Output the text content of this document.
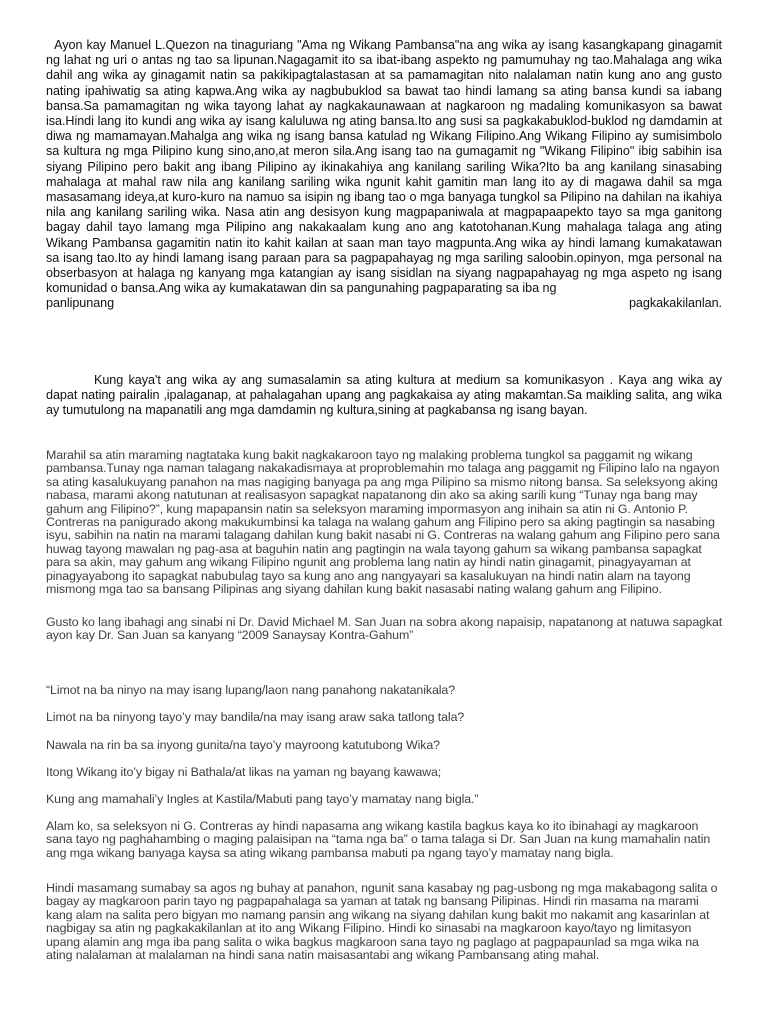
Ayon kay Manuel L.Quezon na tinaguriang "Ama ng Wikang Pambansa"na ang wika ay isang kasangkapang ginagamit ng lahat ng uri o antas ng tao sa lipunan.Nagagamit ito sa ibat-ibang aspekto ng pamumuhay ng tao.Mahalaga ang wika dahil ang wika ay ginagamit natin sa pakikipagtalastasan at sa pamamagitan nito nalalaman natin kung ano ang gusto nating ipahiwatig sa ating kapwa.Ang wika ay nagbubuklod sa bawat tao hindi lamang sa ating bansa kundi sa iabang bansa.Sa pamamagitan ng wika tayong lahat ay nagkakaunawaan at nagkaroon ng madaling komunikasyon sa bawat isa.Hindi lang ito kundi ang wika ay isang kaluluwa ng ating bansa.Ito ang susi sa pagkakabuklod-buklod ng damdamin at diwa ng mamamayan.Mahalga ang wika ng isang bansa katulad ng Wikang Filipino.Ang Wikang Filipino ay sumisimbolo sa kultura ng mga Pilipino kung sino,ano,at meron sila.Ang isang tao na gumagamit ng "Wikang Filipino" ibig sabihin isa siyang Pilipino pero bakit ang ibang Pilipino ay ikinakahiya ang kanilang sariling Wika?Ito ba ang kanilang sinasabing mahalaga at mahal raw nila ang kanilang sariling wika ngunit kahit gamitin man lang ito ay di magawa dahil sa mga masasamang ideya,at kuro-kuro na namuo sa isipin ng ibang tao o mga banyaga tungkol sa Pilipino na dahilan na ikahiya nila ang kanilang sariling wika. Nasa atin ang desisyon kung magpapaniwala at magpapaapekto tayo sa mga ganitong bagay dahil tayo lamang mga Pilipino ang nakakaalam kung ano ang katotohanan.Kung mahalaga talaga ang ating Wikang Pambansa gagamitin natin ito kahit kailan at saan man tayo magpunta.Ang wika ay hindi lamang kumakatawan sa isang tao.Ito ay hindi lamang isang paraan para sa pagpapahayag ng mga sariling saloobin.opinyon, mga personal na obserbasyon at halaga ng kanyang mga katangian ay isang sisidlan na siyang nagpapahayag ng mga aspeto ng isang komunidad o bansa.Ang wika ay kumakatawan din sa pangunahing pagpaparating sa iba ng
panlipunang	pagkakakilanlan.

Kung kaya't ang wika ay ang sumasalamin sa ating kultura at medium sa komunikasyon . Kaya ang wika ay dapat nating pairalin ,ipalaganap, at pahalagahan upang ang pagkakaisa ay ating makamtan.Sa maikling salita, ang wika ay tumutulong na mapanatili ang mga damdamin ng kultura,sining at pagkabansa ng isang bayan.

Marahil sa atin maraming nagtataka kung bakit nagkakaroon tayo ng malaking problema tungkol sa paggamit ng wikang pambansa.Tunay nga naman talagang nakakadismaya at proproblemahin mo talaga ang paggamit ng Filipino lalo na ngayon sa ating kasalukuyang panahon na mas nagiging banyaga pa ang mga Pilipino sa mismo nitong bansa. Sa seleksyong aking nabasa, marami akong natutunan at realisasyon sapagkat napatanong din ako sa aking sarili kung “Tunay nga bang may gahum ang Filipino?”, kung mapapansin natin sa seleksyon maraming impormasyon ang inihain sa atin ni G. Antonio P. Contreras na panigurado akong makukumbinsi ka talaga na walang gahum ang Filipino pero sa aking pagtingin sa nasabing isyu, sabihin na natin na marami talagang dahilan kung bakit nasabi ni G. Contreras na walang gahum ang Filipino pero sana huwag tayong mawalan ng pag-asa at baguhin natin ang pagtingin na wala tayong gahum sa wikang pambansa sapagkat para sa akin, may gahum ang wikang Filipino ngunit ang problema lang natin ay hindi natin ginagamit, pinagyayaman at pinagyayabong ito sapagkat nabubulag tayo sa kung ano ang nangyayari sa kasalukuyan na hindi natin alam na tayong mismong mga tao sa bansang Pilipinas ang siyang dahilan kung bakit nasasabi nating walang gahum ang Filipino.

Gusto ko lang ibahagi ang sinabi ni Dr. David Michael M. San Juan na sobra akong napaisip, napatanong at natuwa sapagkat ayon kay Dr. San Juan sa kanyang “2009 Sanaysay Kontra-Gahum”

“Limot na ba ninyo na may isang lupang/laon nang panahong nakatanikala?

Limot na ba ninyong tayo’y may bandila/na may isang araw saka tatlong tala?

Nawala na rin ba sa inyong gunita/na tayo’y mayroong katutubong Wika?

Itong Wikang ito’y bigay ni Bathala/at likas na yaman ng bayang kawawa;

Kung ang mamahali’y Ingles at Kastila/Mabuti pang tayo’y mamatay nang bigla.”

Alam ko, sa seleksyon ni G. Contreras ay hindi napasama ang wikang kastila bagkus kaya ko ito ibinahagi ay magkaroon sana tayo ng paghahambing o maging palaisipan na “tama nga ba” o tama talaga si Dr. San Juan na kung mamahalin natin ang mga wikang banyaga kaysa sa ating wikang pambansa mabuti pa ngang tayo’y mamatay nang bigla.

Hindi masamang sumabay sa agos ng buhay at panahon, ngunit sana kasabay ng pag-usbong ng mga makabagong salita o bagay ay magkaroon parin tayo ng pagpapahalaga sa yaman at tatak ng bansang Pilipinas. Hindi rin masama na marami kang alam na salita pero bigyan mo namang pansin ang wikang na siyang dahilan kung bakit mo nakamit ang kasarinlan at nagbigay sa atin ng pagkakakilanlan at ito ang Wikang Filipino. Hindi ko sinasabi na magkaroon kayo/tayo ng limitasyon upang alamin ang mga iba pang salita o wika bagkus magkaroon sana tayo ng paglago at pagpapaunlad sa mga wika na ating nalalaman at malalaman na hindi sana natin maisasantabi ang wikang Pambansang ating mahal.
